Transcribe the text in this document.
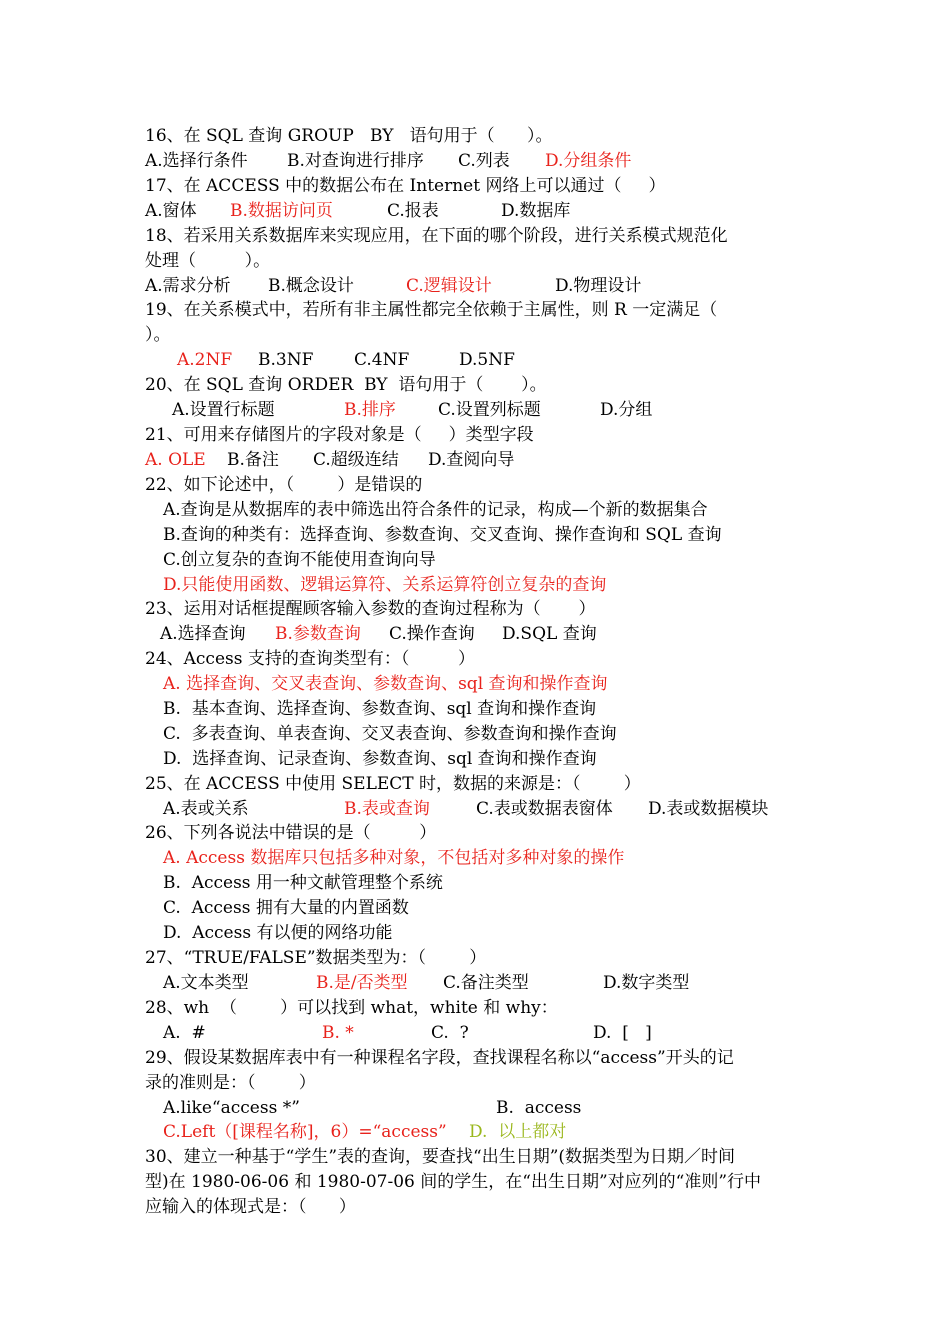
16、在 SQL 查询 GROUP   BY   语句用于（      ）。

A.选择行条件

B.对查询进行排序

C.列表

D.分组条件

17、在 ACCESS 中的数据公布在 Internet 网络上可以通过（     ）

A.窗体

B.数据访问页

	C.报表

	D.数据库

18、若采用关系数据库来实现应用，在下面的哪个阶段，进行关系模式规范化
处理（         ）。

A.需求分析

B.概念设计

	C.逻辑设计

	D.物理设计

19、在关系模式中，若所有非主属性都完全依赖于主属性，则 R 一定满足（
）。

A.2NF

B.3NF

C.4NF

	D.5NF

20、在 SQL 查询 ORDER  BY  语句用于（       ）。

A.设置行标题

	B.排序

C.设置列标题

	D.分组

21、可用来存储图片的字段对象是（     ）类型字段

A. OLE

B.备注

C.超级连结

D.查阅向导

22、如下论述中，（        ）是错误的
A.查询是从数据库的表中筛选出符合条件的记录，构成—个新的数据集合
B.查询的种类有：选择查询、参数查询、交叉查询、操作查询和 SQL 查询
C.创立复杂的查询不能使用查询向导
D.只能使用函数、逻辑运算符、关系运算符创立复杂的查询
23、运用对话框提醒顾客输入参数的查询过程称为（       ）

A.选择查询

B.参数查询

C.操作查询

D.SQL 查询

24、Access 支持的查询类型有：（         ）
A. 选择查询、交叉表查询、参数查询、sql 查询和操作查询
B.  基本查询、选择查询、参数查询、sql 查询和操作查询
C.  多表查询、单表查询、交叉表查询、参数查询和操作查询
D.  选择查询、记录查询、参数查询、sql 查询和操作查询
25、在 ACCESS 中使用 SELECT 时，数据的来源是：（        ）

A.表或关系

	B.表或查询

	C.表或数据表窗体

D.表或数据模块

26、下列各说法中错误的是（         ）
A. Access 数据库只包括多种对象，不包括对多种对象的操作
B.  Access 用一种文献管理整个系统
C.  Access 拥有大量的内置函数
D.  Access 有以便的网络功能
27、“TRUE/FALSE”数据类型为：（        ）

A.文本类型

	B.是/否类型

C.备注类型

	D.数字类型

28、wh  （        ）可以找到 what，white 和 why：

A.  #

	B. *

	C.  ?

	D.  [   ]

29、假设某数据库表中有一种课程名字段，查找课程名称以“access”开头的记
录的准则是：（        ）

A.like“access *”

	B.  access

C.Left（[课程名称]，6）=“access”

D.  以上都对

30、建立一种基于“学生”表的查询，要查找“出生日期”(数据类型为日期／时间
型)在 1980-06-06 和 1980-07-06 间的学生，在“出生日期”对应列的“准则”行中
应输入的体现式是：（      ）
